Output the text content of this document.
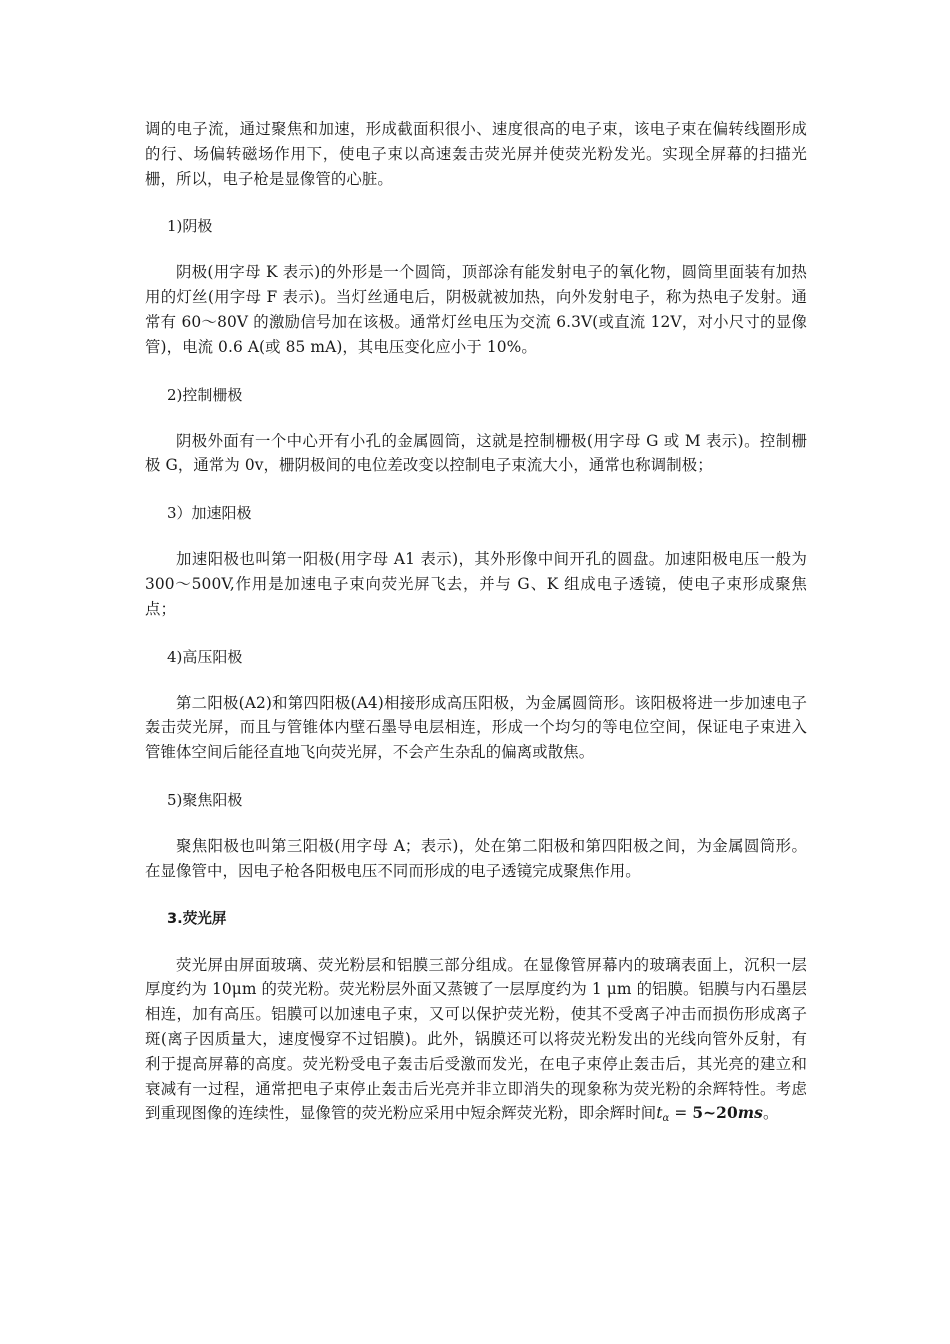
调的电子流，通过聚焦和加速，形成截面积很小、速度很高的电子束，该电子束在偏转线圈形成的行、场偏转磁场作用下，使电子束以高速轰击荧光屏并使荧光粉发光。实现全屏幕的扫描光栅，所以，电子枪是显像管的心脏。

1)阴极

阴极(用字母 K 表示)的外形是一个圆筒，顶部涂有能发射电子的氧化物，圆筒里面装有加热用的灯丝(用字母 F 表示)。当灯丝通电后，阴极就被加热，向外发射电子，称为热电子发射。通常有 60～80V 的激励信号加在该极。通常灯丝电压为交流 6.3V(或直流 12V，对小尺寸的显像管)，电流 0.6 A(或 85 mA)，其电压变化应小于 10%。

2)控制栅极

阴极外面有一个中心开有小孔的金属圆筒，这就是控制栅极(用字母 G 或 M 表示)。控制栅极 G，通常为 0v，栅阴极间的电位差改变以控制电子束流大小，通常也称调制极；

3）加速阳极

加速阳极也叫第一阳极(用字母 A1 表示)，其外形像中间开孔的圆盘。加速阳极电压一般为 300～500V,作用是加速电子束向荧光屏飞去，并与 G、K 组成电子透镜，使电子束形成聚焦点；

4)高压阳极

第二阳极(A2)和第四阳极(A4)相接形成高压阳极，为金属圆筒形。该阳极将进一步加速电子轰击荧光屏，而且与管锥体内壁石墨导电层相连，形成一个均匀的等电位空间，保证电子束进入管锥体空间后能径直地飞向荧光屏，不会产生杂乱的偏离或散焦。

5)聚焦阳极

聚焦阳极也叫第三阳极(用字母 A；表示)，处在第二阳极和第四阳极之间，为金属圆筒形。在显像管中，因电子枪各阳极电压不同而形成的电子透镜完成聚焦作用。

3.荧光屏

荧光屏由屏面玻璃、荧光粉层和铝膜三部分组成。在显像管屏幕内的玻璃表面上，沉积一层厚度约为 10μm 的荧光粉。荧光粉层外面又蒸镀了一层厚度约为 1 μm 的铝膜。铝膜与内石墨层相连，加有高压。铝膜可以加速电子束，又可以保护荧光粉，使其不受离子冲击而损伤形成离子斑(离子因质量大，速度慢穿不过铝膜)。此外，锅膜还可以将荧光粉发出的光线向管外反射，有利于提高屏幕的高度。荧光粉受电子轰击后受激而发光，在电子束停止轰击后，其光亮的建立和衰减有一过程，通常把电子束停止轰击后光亮并非立即消失的现象称为荧光粉的余辉特性。考虑到重现图像的连续性，显像管的荧光粉应采用中短余辉荧光粉，即余辉时间$t_\alpha$ = 5~20ms。
